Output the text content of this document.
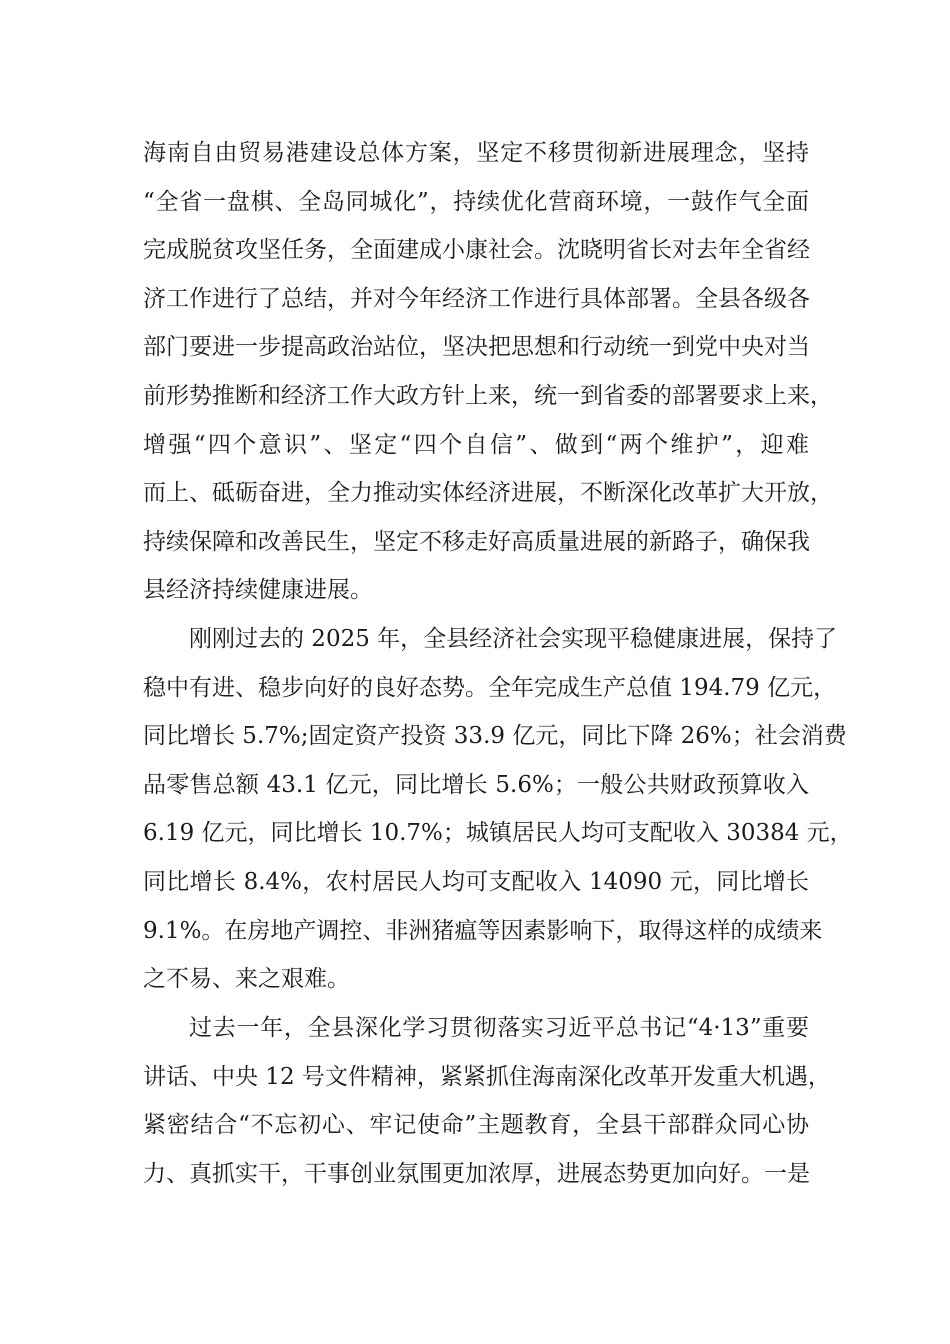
海南自由贸易港建设总体方案，坚定不移贯彻新进展理念，坚持
“全省一盘棋、全岛同城化”，持续优化营商环境，一鼓作气全面
完成脱贫攻坚任务，全面建成小康社会。沈晓明省长对去年全省经
济工作进行了总结，并对今年经济工作进行具体部署。全县各级各
部门要进一步提高政治站位，坚决把思想和行动统一到党中央对当
前形势推断和经济工作大政方针上来，统一到省委的部署要求上来，
增强“四个意识”、坚定“四个自信”、做到“两个维护”，迎难
而上、砥砺奋进，全力推动实体经济进展，不断深化改革扩大开放，
持续保障和改善民生，坚定不移走好高质量进展的新路子，确保我
县经济持续健康进展。
刚刚过去的 2025 年，全县经济社会实现平稳健康进展，保持了
稳中有进、稳步向好的良好态势。全年完成生产总值 194.79 亿元，
同比增长 5.7%;固定资产投资 33.9 亿元，同比下降 26%；社会消费
品零售总额 43.1 亿元，同比增长 5.6%；一般公共财政预算收入
6.19 亿元，同比增长 10.7%；城镇居民人均可支配收入 30384 元，
同比增长 8.4%，农村居民人均可支配收入 14090 元，同比增长
9.1%。在房地产调控、非洲猪瘟等因素影响下，取得这样的成绩来
之不易、来之艰难。
过去一年，全县深化学习贯彻落实习近平总书记“4·13”重要
讲话、中央 12 号文件精神，紧紧抓住海南深化改革开发重大机遇，
紧密结合“不忘初心、牢记使命”主题教育，全县干部群众同心协
力、真抓实干，干事创业氛围更加浓厚，进展态势更加向好。一是
